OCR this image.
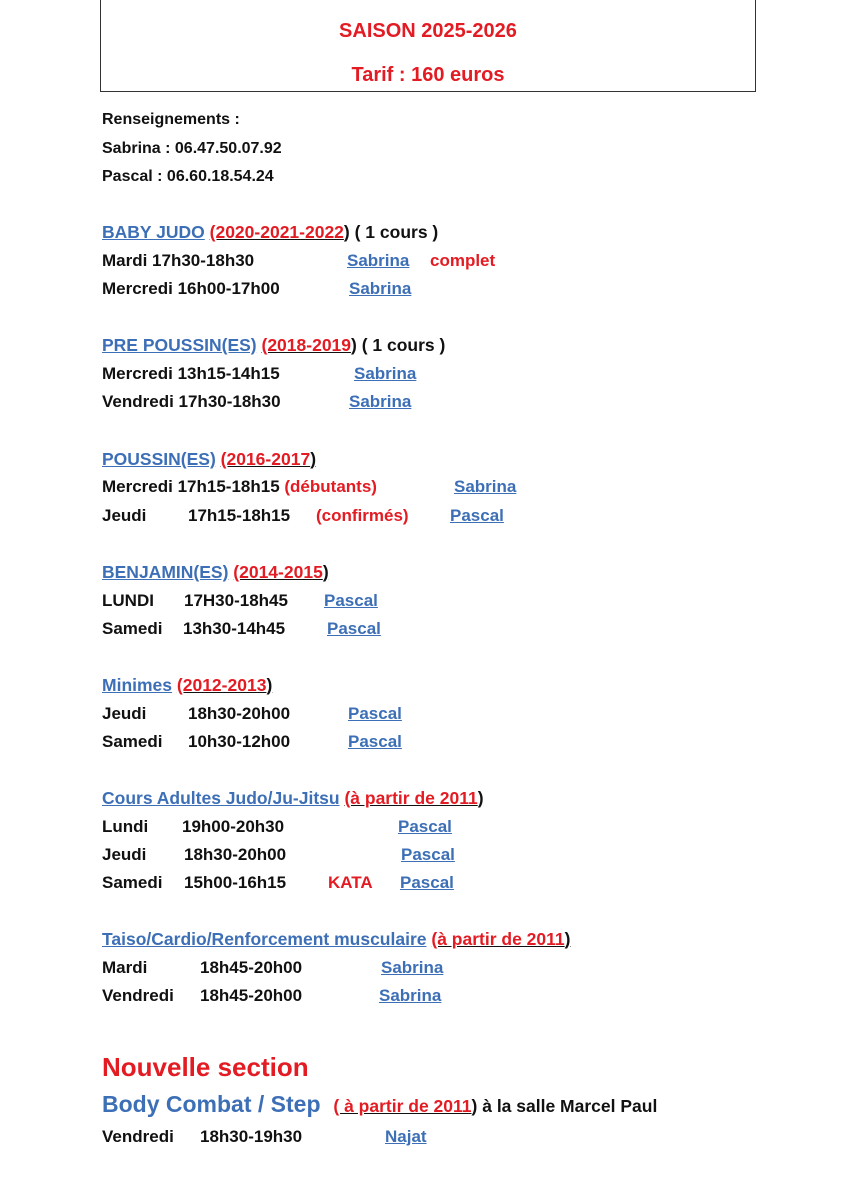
SAISON 2025-2026
Tarif : 160 euros
Renseignements :
Sabrina : 06.47.50.07.92
Pascal : 06.60.18.54.24
BABY JUDO (2020-2021-2022) ( 1 cours )
Mardi 17h30-18h30	Sabrina complet
Mercredi 16h00-17h00	Sabrina
PRE POUSSIN(ES) (2018-2019) ( 1 cours )
Mercredi 13h15-14h15	Sabrina
Vendredi 17h30-18h30	Sabrina
POUSSIN(ES) (2016-2017)
Mercredi 17h15-18h15 (débutants)	Sabrina
Jeudi 17h15-18h15 (confirmés) Pascal
BENJAMIN(ES) (2014-2015)
LUNDI 17H30-18h45 Pascal
Samedi 13h30-14h45 Pascal
Minimes (2012-2013)
Jeudi 18h30-20h00	Pascal
Samedi 10h30-12h00	Pascal
Cours Adultes Judo/Ju-Jitsu (à partir de 2011)
Lundi 19h00-20h30	Pascal
Jeudi 18h30-20h00	Pascal
Samedi 15h00-16h15 KATA Pascal
Taiso/Cardio/Renforcement musculaire (à partir de 2011)
Mardi	18h45-20h00	Sabrina
Vendredi 18h45-20h00	Sabrina
Nouvelle section
Body Combat / Step ( à partir de 2011) à la salle Marcel Paul
Vendredi 18h30-19h30	Najat
